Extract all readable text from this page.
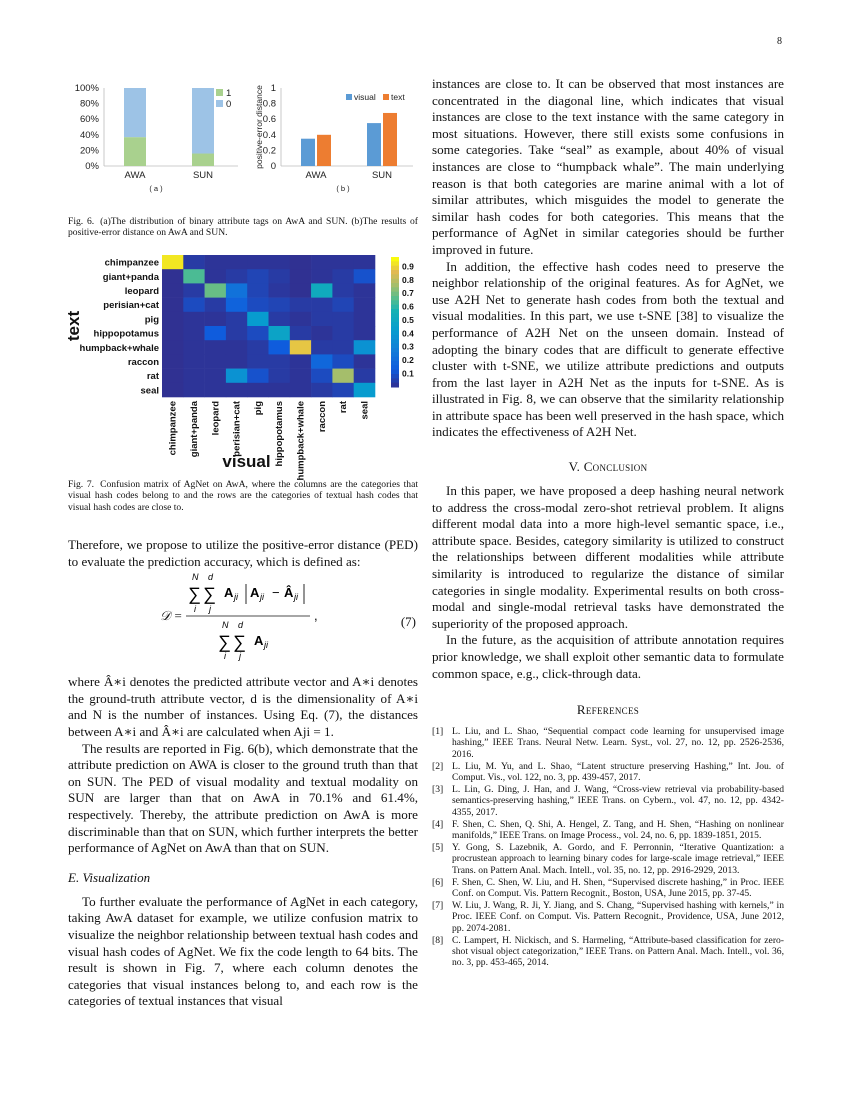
8
0%
20%
40%
60%
80%
100%
AWA	SUN
1
0
( a )
0
0.2
0.4
0.6
0.8
1
positive-error distance
AWA	SUN
visual text
( b )

Fig. 6. (a)The distribution of binary attribute tags on AwA and SUN. (b)The results of positive-error distance on AwA and SUN.

chimpanzee
giant+panda
leopard
perisian+cat
pig
hippopotamus
humpback+whale
raccon
rat
seal
chimpanzee giant+panda leopard perisian+cat pig hippopotamus humpback+whale raccon rat seal
text
visual
0.9
0.8
0.7
0.6
0.5
0.4
0.3
0.2
0.1

Fig. 7. Confusion matrix of AgNet on AwA, where the columns are the categories that visual hash codes belong to and the rows are the categories of textual hash codes that visual hash codes are close to.

Therefore, we propose to utilize the positive-error distance (PED) to evaluate the prediction accuracy, which is defined as:

𝒟 =
N d
∑ ∑
i j
A ji A ji − Â ji
N d
∑ ∑
i j
A ji
,	(7)

where Â∗i denotes the predicted attribute vector and A∗i denotes the ground-truth attribute vector, d is the dimensionality of A∗i and N is the number of instances. Using Eq. (7), the distances between A∗i and Â∗i are calculated when Aji = 1.

The results are reported in Fig. 6(b), which demonstrate that the attribute prediction on AWA is closer to the ground truth than that on SUN. The PED of visual modality and textual modality on SUN are larger than that on AwA in 70.1% and 61.4%, respectively. Thereby, the attribute prediction on AwA is more discriminable than that on SUN, which further interprets the better performance of AgNet on AwA than that on SUN.

E. Visualization

To further evaluate the performance of AgNet in each category, taking AwA dataset for example, we utilize confusion matrix to visualize the neighbor relationship between textual hash codes and visual hash codes of AgNet. We fix the code length to 64 bits. The result is shown in Fig. 7, where each column denotes the categories that visual instances belong to, and each row is the categories of textual instances that visual

instances are close to. It can be observed that most instances are concentrated in the diagonal line, which indicates that visual instances are close to the text instance with the same category in most situations. However, there still exists some confusions in some categories. Take “seal” as example, about 40% of visual instances are close to “humpback whale”. The main underlying reason is that both categories are marine animal with a lot of similar attributes, which misguides the model to generate the similar hash codes for both categories. This means that the performance of AgNet in similar categories should be further improved in future.

In addition, the effective hash codes need to preserve the neighbor relationship of the original features. As for AgNet, we use A2H Net to generate hash codes from both the textual and visual modalities. In this part, we use t-SNE [38] to visualize the performance of A2H Net on the unseen domain. Instead of adopting the binary codes that are difficult to generate effective cluster with t-SNE, we utilize attribute predictions and outputs from the last layer in A2H Net as the inputs for t-SNE. As is illustrated in Fig. 8, we can observe that the similarity relationship in attribute space has been well preserved in the hash space, which indicates the effectiveness of A2H Net.

V. Conclusion

In this paper, we have proposed a deep hashing neural network to address the cross-modal zero-shot retrieval problem. It aligns different modal data into a more high-level semantic space, i.e., attribute space. Besides, category similarity is utilized to construct the relationships between different modalities while attribute similarity is introduced to regularize the distance of similar categories in single modality. Experimental results on both cross-modal and single-modal retrieval tasks have demonstrated the superiority of the proposed approach.

In the future, as the acquisition of attribute annotation requires prior knowledge, we shall exploit other semantic data to formulate common space, e.g., click-through data.

References

[1] L. Liu, and L. Shao, “Sequential compact code learning for unsupervised image hashing,” IEEE Trans. Neural Netw. Learn. Syst., vol. 27, no. 12, pp. 2526-2536, 2016.
[2] L. Liu, M. Yu, and L. Shao, “Latent structure preserving Hashing,” Int. Jou. of Comput. Vis., vol. 122, no. 3, pp. 439-457, 2017.
[3] L. Lin, G. Ding, J. Han, and J. Wang, “Cross-view retrieval via probability-based semantics-preserving hashing,” IEEE Trans. on Cybern., vol. 47, no. 12, pp. 4342-4355, 2017.
[4] F. Shen, C. Shen, Q. Shi, A. Hengel, Z. Tang, and H. Shen, “Hashing on nonlinear manifolds,” IEEE Trans. on Image Process., vol. 24, no. 6, pp. 1839-1851, 2015.
[5] Y. Gong, S. Lazebnik, A. Gordo, and F. Perronnin, “Iterative Quantization: a procrustean approach to learning binary codes for large-scale image retrieval,” IEEE Trans. on Pattern Anal. Mach. Intell., vol. 35, no. 12, pp. 2916-2929, 2013.
[6] F. Shen, C. Shen, W. Liu, and H. Shen, “Supervised discrete hashing,” in Proc. IEEE Conf. on Comput. Vis. Pattern Recognit., Boston, USA, June 2015, pp. 37-45.
[7] W. Liu, J. Wang, R. Ji, Y. Jiang, and S. Chang, “Supervised hashing with kernels,” in Proc. IEEE Conf. on Comput. Vis. Pattern Recognit., Providence, USA, June 2012, pp. 2074-2081.
[8] C. Lampert, H. Nickisch, and S. Harmeling, “Attribute-based classification for zero-shot visual object categorization,” IEEE Trans. on Pattern Anal. Mach. Intell., vol. 36, no. 3, pp. 453-465, 2014.
